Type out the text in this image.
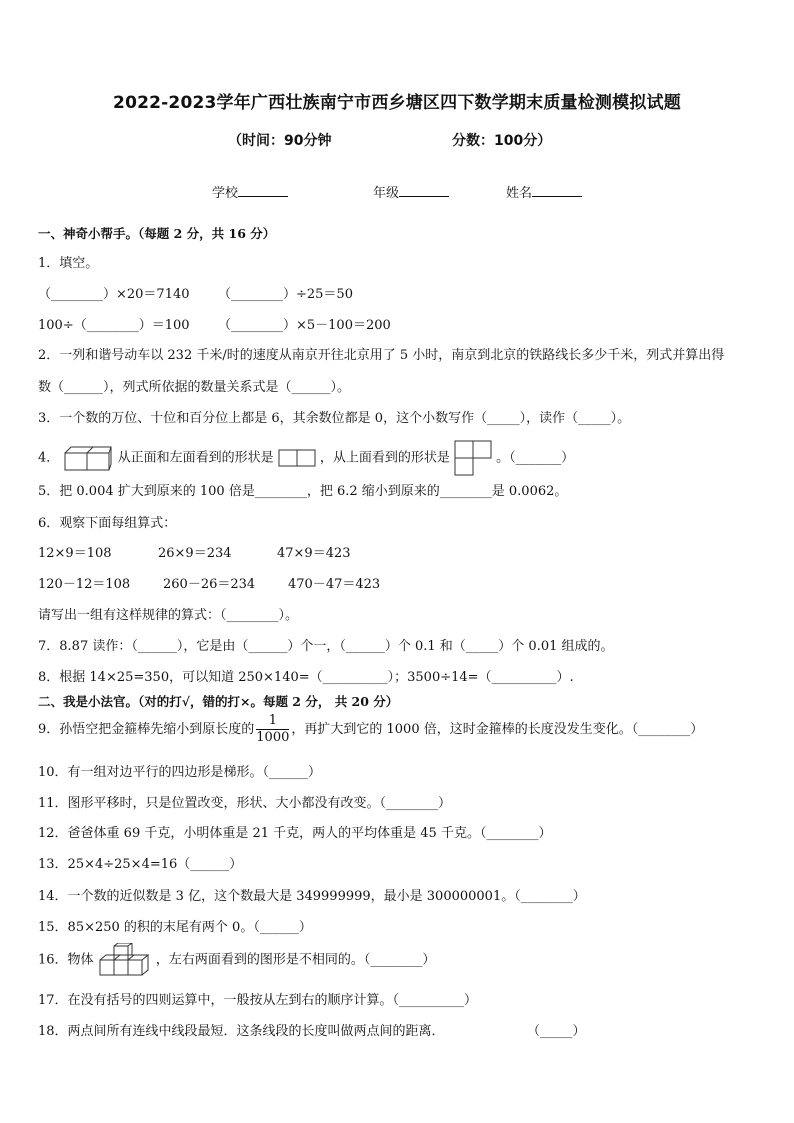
2022-2023学年广西壮族南宁市西乡塘区四下数学期末质量检测模拟试题
（时间：90分钟	分数：100分）
学校	年级	姓名
一、神奇小帮手。（每题 2 分，共 16 分）
1．填空。
（________）×20＝7140 （________）÷25＝50
100÷（________）＝100 （________）×5－100＝200
2．一列和谐号动车以 232 千米/时的速度从南京开往北京用了 5 小时，南京到北京的铁路线长多少千米，列式并算出得
数（______），列式所依据的数量关系式是（______）。
3．一个数的万位、十位和百分位上都是 6，其余数位都是 0，这个小数写作（_____），读作（_____）。
4．	从正面和左面看到的形状是	，从上面看到的形状是	。（_______）
5．把 0.004 扩大到原来的 100 倍是________，把 6.2 缩小到原来的________是 0.0062。
6．观察下面每组算式：
12×9＝108	26×9＝234	47×9＝423
120－12＝108	260－26＝234	470－47＝423
请写出一组有这样规律的算式：（________）。
7．8.87 读作：（______），它是由（______）个一，（______）个 0.1 和（_____）个 0.01 组成的。
8．根据 14×25=350，可以知道 250×140=（__________）；3500÷14=（__________）.
二、我是小法官。（对的打√，错的打×。每题 2 分， 共 20 分）
9．孙悟空把金箍棒先缩小到原长度的 $\frac{1}{1000}$ ，再扩大到它的 1000 倍，这时金箍棒的长度没发生变化。（________）
10．有一组对边平行的四边形是梯形。（______）
11．图形平移时，只是位置改变，形状、大小都没有改变。（________）
12．爸爸体重 69 千克，小明体重是 21 千克，两人的平均体重是 45 千克。（________）
13．25×4÷25×4=16（______）
14．一个数的近似数是 3 亿，这个数最大是 349999999，最小是 300000001。（________）
15．85×250 的积的末尾有两个 0。（______）
16．物体	，左右两面看到的图形是不相同的。（________）
17．在没有括号的四则运算中，一般按从左到右的顺序计算。（__________）
18．两点间所有连线中线段最短．这条线段的长度叫做两点间的距离．	（_____）
